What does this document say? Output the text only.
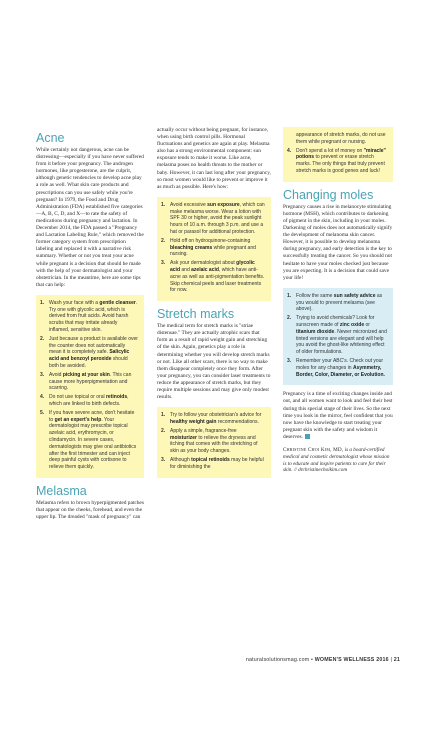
Acne

While certainly not dangerous, acne can be distressing—especially if you have never suffered from it before your pregnancy. The androgen hormones, like progesterone, are the culprit, although genetic tendencies to develop acne play a role as well. What skin care products and prescriptions can you use safely while you're pregnant? In 1979, the Food and Drug Administration (FDA) established five categories—A, B, C, D, and X—to rate the safety of medications during pregnancy and lactation. In December 2014, the FDA passed a "Pregnancy and Lactation Labeling Rule," which removed the former category system from prescription labeling and replaced it with a narrative risk summary. Whether or not you treat your acne while pregnant is a decision that should be made with the help of your dermatologist and your obstetrician. In the meantime, here are some tips that can help:

1. Wash your face with a gentle cleanser. Try one with glycolic acid, which is derived from fruit acids. Avoid harsh scrubs that may irritate already inflamed, sensitive skin.
2. Just because a product is available over the counter does not automatically mean it is completely safe. Salicylic acid and benzoyl peroxide should both be avoided.
3. Avoid picking at your skin. This can cause more hyperpigmentation and scarring.
4. Do not use topical or oral retinoids, which are linked to birth defects.
5. If you have severe acne, don't hesitate to get an expert's help. Your dermatologist may prescribe topical azelaic acid, erythromycin, or clindamycin. In severe cases, dermatologists may give oral antibiotics after the first trimester and can inject deep painful cysts with cortisone to relieve them quickly.
Melasma

Melasma refers to brown hyperpigmented patches that appear on the cheeks, forehead, and even the upper lip. The dreaded "mask of pregnancy" can

actually occur without being pregnant, for instance, when using birth control pills. Hormonal fluctuations and genetics are again at play. Melasma also has a strong environmental component: sun exposure tends to make it worse. Like acne, melasma poses no health threats to the mother or baby. However, it can last long after your pregnancy, so most women would like to prevent or improve it as much as possible. Here's how:

1. Avoid excessive sun exposure, which can make melasma worse. Wear a lotion with SPF 30 or higher, avoid the peak sunlight hours of 10 a.m. through 3 p.m. and use a hat or parasol for additional protection.
2. Hold off on hydroquinone-containing bleaching creams while pregnant and nursing.
3. Ask your dermatologist about glycolic acid and azelaic acid, which have anti-acne as well as anti-pigmentation benefits. Skip chemical peels and laser treatments for now.
Stretch marks

The medical term for stretch marks is "striae distensae." They are actually atrophic scars that form as a result of rapid weight gain and stretching of the skin. Again, genetics play a role in determining whether you will develop stretch marks or not. Like all other scars, there is no way to make them disappear completely once they form. After your pregnancy, you can consider laser treatments to reduce the appearance of stretch marks, but they require multiple sessions and may give only modest results.

1. Try to follow your obstetrician's advice for healthy weight gain recommendations.
2. Apply a simple, fragrance-free moisturizer to relieve the dryness and itching that comes with the stretching of skin as your body changes.
3. Although topical retinoids may be helpful for diminishing the
appearance of stretch marks, do not use them while pregnant or nursing.
4. Don't spend a lot of money on "miracle" potions to prevent or erase stretch marks. The only things that truly prevent stretch marks is good genes and luck!
Changing moles

Pregnancy causes a rise in melanocyte stimulating hormone (MSH), which contributes to darkening of pigment in the skin, including in your moles. Darkening of moles does not automatically signify the development of melanoma skin cancer. However, it is possible to develop melanoma during pregnancy, and early detection is the key to successfully treating the cancer. So you should not hesitate to have your moles checked just because you are expecting. It is a decision that could save your life!

1. Follow the same sun safety advice as you would to prevent melasma (see above).
2. Trying to avoid chemicals? Look for sunscreen made of zinc oxide or titanium dioxide. Newer micronized and tinted versions are elegant and will help you avoid the ghost-like whitening effect of older formulations.
3. Remember your ABC's. Check out your moles for any changes in Asymmetry, Border, Color, Diameter, or Evolution.

Pregnancy is a time of exciting changes inside and out, and all women want to look and feel their best during this special stage of their lives. So the next time you look in the mirror, feel confident that you now have the knowledge to start treating your pregnant skin with the safety and wisdom it deserves.

Christine Choi Kim, MD, is a board-certified medical and cosmetic dermatologist whose mission is to educate and inspire patients to care for their skin. // drchristinechoikim.com

naturalsolutionsmag.com • WOMEN'S WELLNESS 2016 | 21
